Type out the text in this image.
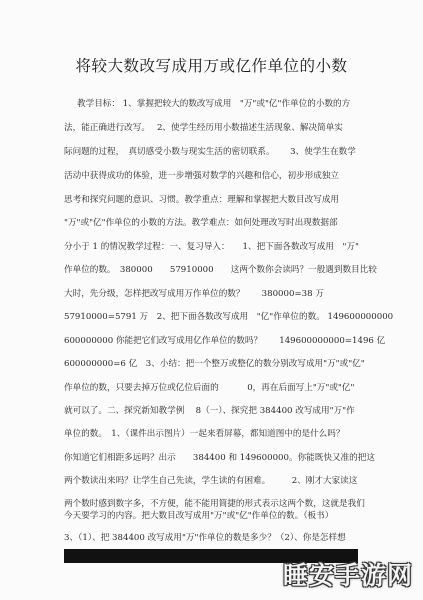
将较大数改写成用万或亿作单位的小数
教学目标： 1、掌握把较大的数改写成用　"万"或"亿"作单位的小数的方
法，能正确进行改写。　 2、使学生经历用小数描述生活现象、解决简单实
际问题的过程，　真切感受小数与现实生活的密切联系。　　 3、使学生在数学
活动中获得成功的体验，进一步增强对数学的兴趣和信心，初步形成独立
思考和探究问题的意识、习惯。教学重点：理解和掌握把大数目改写成用
"万"或"亿"作单位的小数的方法。教学难点：如何处理改写时出现数据部
分小于 1 的情况教学过程：一、复习导入：　　1、把下面各数改写成用　"万"
作单位的数。　380000　　57910000　　这两个数你会读吗？一般遇到数目比较
大时，先分级，怎样把改写成用万作单位的数？　　380000=38 万
57910000=5791 万　2、把下面各数改写成用　"亿"作单位的数。 149600000000
600000000 你能把它们改写成用亿作单位的数吗？　　149600000000=1496 亿
600000000=6 亿　3、小结：把一个整万或整亿的数分别改写成用"万"或"亿"
作单位的数，只要去掉万位或亿位后面的　　　 0，再在后面写上"万"或"亿"
就可以了。二、探究新知教学例　 8（一）、探究把 384400 改写成用"万"作
单位的数。　1、（课件出示图片）一起来看屏幕，都知道图中的是什么吗？
你知道它们相距多远吗？出示　　384400 和 149600000。你能既快又准的把这
两个数读出来吗？让学生自己先读，学生读的有困难。　　　2、刚才大家读这
两个数时感到数字多，不方便，能不能用简捷的形式表示这两个数，这就是我们
今天要学习的内容。把大数目改写成用"万"或"亿"作单位的数。（板书）
3、（1）、把 384400 改写成用"万"作单位的数是多少？（2）、你是怎样想
睡安手游网
